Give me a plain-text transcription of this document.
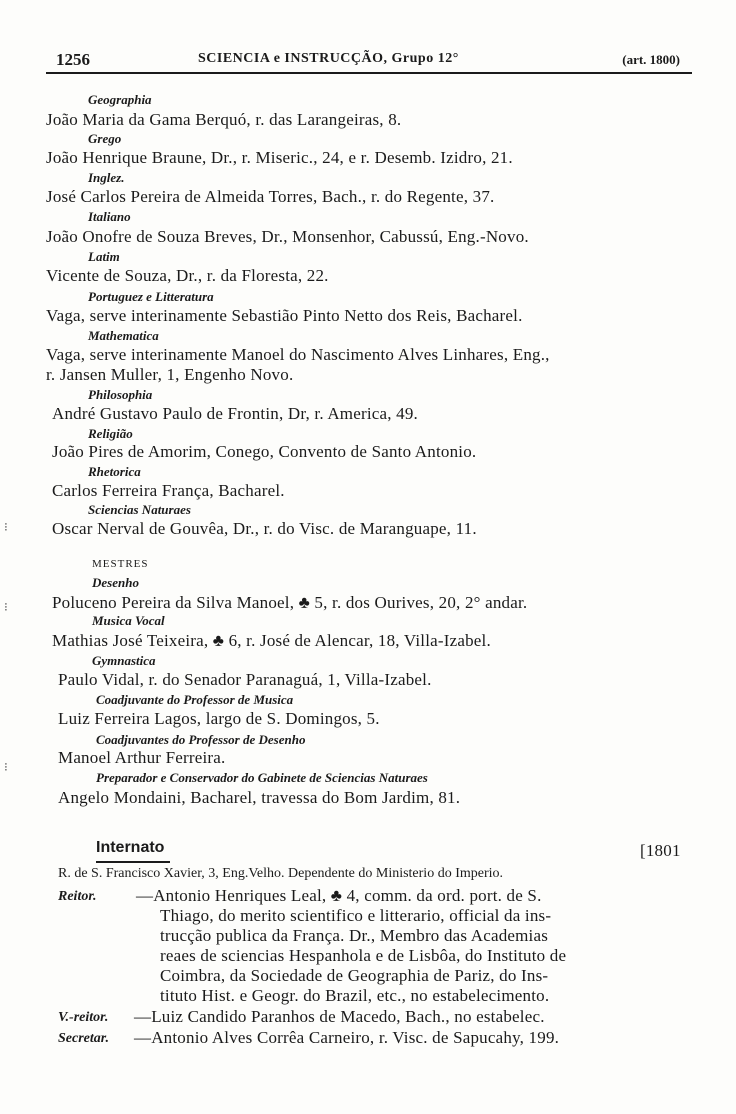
1256	SCIENCIA e INSTRUCÇÃO, Grupo 12°	(art. 1800)
Geographia
João Maria da Gama Berquó, r. das Larangeiras, 8.
Grego
João Henrique Braune, Dr., r. Miseric., 24, e r. Desemb. Izidro, 21.
Inglez.
José Carlos Pereira de Almeida Torres, Bach., r. do Regente, 37.
Italiano
João Onofre de Souza Breves, Dr., Monsenhor, Cabussú, Eng.-Novo.
Latim
Vicente de Souza, Dr., r. da Floresta, 22.
Portuguez e Litteratura
Vaga, serve interinamente Sebastião Pinto Netto dos Reis, Bacharel.
Mathematica
Vaga, serve interinamente Manoel do Nascimento Alves Linhares, Eng.,
r. Jansen Muller, 1, Engenho Novo.
Philosophia
André Gustavo Paulo de Frontin, Dr, r. America, 49.
Religião
João Pires de Amorim, Conego, Convento de Santo Antonio.
Rhetorica
Carlos Ferreira França, Bacharel.
Sciencias Naturaes
Oscar Nerval de Gouvêa, Dr., r. do Visc. de Maranguape, 11.
MESTRES
Desenho
Poluceno Pereira da Silva Manoel, ♣ 5, r. dos Ourives, 20, 2° andar.
Musica Vocal
Mathias José Teixeira, ♣ 6, r. José de Alencar, 18, Villa-Izabel.
Gymnastica
Paulo Vidal, r. do Senador Paranaguá, 1, Villa-Izabel.
Coadjuvante do Professor de Musica
Luiz Ferreira Lagos, largo de S. Domingos, 5.
Coadjuvantes do Professor de Desenho
Manoel Arthur Ferreira.
Preparador e Conservador do Gabinete de Sciencias Naturaes
Angelo Mondaini, Bacharel, travessa do Bom Jardim, 81.
Internato	[1801
R. de S. Francisco Xavier, 3, Eng.Velho. Dependente do Ministerio do Imperio.
Reitor. —Antonio Henriques Leal, ♣ 4, comm. da ord. port. de S.
Thiago, do merito scientifico e litterario, official da ins-
trucção publica da França. Dr., Membro das Academias
reaes de sciencias Hespanhola e de Lisbôa, do Instituto de
Coimbra, da Sociedade de Geographia de Pariz, do Ins-
tituto Hist. e Geogr. do Brazil, etc., no estabelecimento.
V.-reitor. —Luiz Candido Paranhos de Macedo, Bach., no estabelec.
Secretar. —Antonio Alves Corrêa Carneiro, r. Visc. de Sapucahy, 199.
⁝
⁝
⁝
